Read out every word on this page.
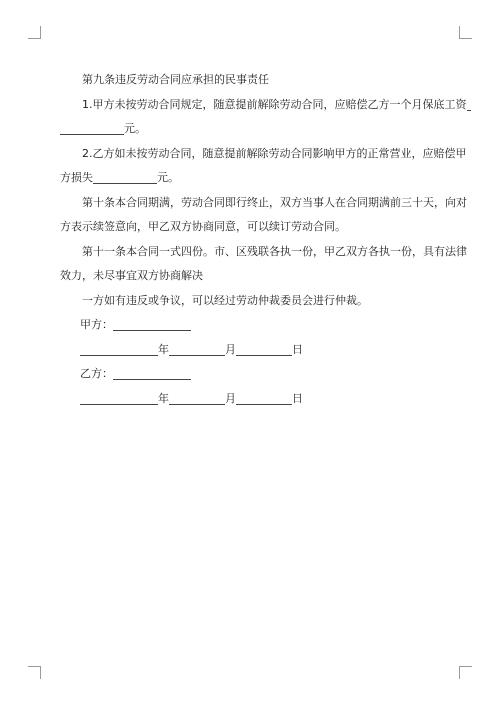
第九条违反劳动合同应承担的民事责任
1.甲方未按劳动合同规定，随意提前解除劳动合同，应赔偿乙方一个月保底工资
元。
2.乙方如未按劳动合同，随意提前解除劳动合同影响甲方的正常营业，应赔偿甲
方损失	元。
第十条本合同期满，劳动合同即行终止，双方当事人在合同期满前三十天，向对
方表示续签意向，甲乙双方协商同意，可以续订劳动合同。
第十一条本合同一式四份。市、区残联各执一份，甲乙双方各执一份，具有法律
效力，未尽事宜双方协商解决
一方如有违反或争议，可以经过劳动仲裁委员会进行仲裁。
甲方：
年	月	日
乙方：
年	月	日
